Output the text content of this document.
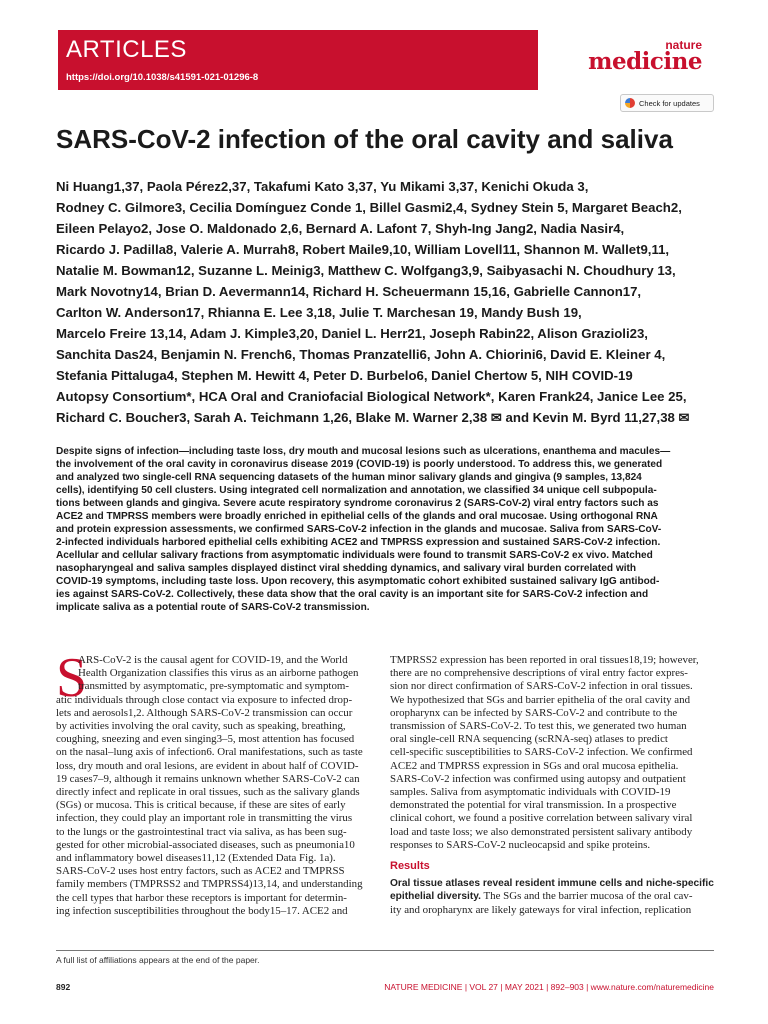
ARTICLES
https://doi.org/10.1038/s41591-021-01296-8
nature
medicine
Check for updates
SARS-CoV-2 infection of the oral cavity and saliva

Ni Huang1,37, Paola Pérez2,37, Takafumi Kato 3,37, Yu Mikami 3,37, Kenichi Okuda 3,

Rodney C. Gilmore3, Cecilia Domínguez Conde 1, Billel Gasmi2,4, Sydney Stein 5, Margaret Beach2,

Eileen Pelayo2, Jose O. Maldonado 2,6, Bernard A. Lafont 7, Shyh-Ing Jang2, Nadia Nasir4,

Ricardo J. Padilla8, Valerie A. Murrah8, Robert Maile9,10, William Lovell11, Shannon M. Wallet9,11,

Natalie M. Bowman12, Suzanne L. Meinig3, Matthew C. Wolfgang3,9, Saibyasachi N. Choudhury 13,

Mark Novotny14, Brian D. Aevermann14, Richard H. Scheuermann 15,16, Gabrielle Cannon17,

Carlton W. Anderson17, Rhianna E. Lee 3,18, Julie T. Marchesan 19, Mandy Bush 19,

Marcelo Freire 13,14, Adam J. Kimple3,20, Daniel L. Herr21, Joseph Rabin22, Alison Grazioli23,

Sanchita Das24, Benjamin N. French6, Thomas Pranzatelli6, John A. Chiorini6, David E. Kleiner 4,

Stefania Pittaluga4, Stephen M. Hewitt 4, Peter D. Burbelo6, Daniel Chertow 5, NIH COVID-19

Autopsy Consortium*, HCA Oral and Craniofacial Biological Network*, Karen Frank24, Janice Lee 25,

Richard C. Boucher3, Sarah A. Teichmann 1,26, Blake M. Warner 2,38 ✉ and Kevin M. Byrd 11,27,38 ✉

Despite signs of infection—including taste loss, dry mouth and mucosal lesions such as ulcerations, enanthema and macules—

the involvement of the oral cavity in coronavirus disease 2019 (COVID-19) is poorly understood. To address this, we generated

and analyzed two single-cell RNA sequencing datasets of the human minor salivary glands and gingiva (9 samples, 13,824

cells), identifying 50 cell clusters. Using integrated cell normalization and annotation, we classified 34 unique cell subpopula-

tions between glands and gingiva. Severe acute respiratory syndrome coronavirus 2 (SARS-CoV-2) viral entry factors such as

ACE2 and TMPRSS members were broadly enriched in epithelial cells of the glands and oral mucosae. Using orthogonal RNA

and protein expression assessments, we confirmed SARS-CoV-2 infection in the glands and mucosae. Saliva from SARS-CoV-

2-infected individuals harbored epithelial cells exhibiting ACE2 and TMPRSS expression and sustained SARS-CoV-2 infection.

Acellular and cellular salivary fractions from asymptomatic individuals were found to transmit SARS-CoV-2 ex vivo. Matched

nasopharyngeal and saliva samples displayed distinct viral shedding dynamics, and salivary viral burden correlated with

COVID-19 symptoms, including taste loss. Upon recovery, this asymptomatic cohort exhibited sustained salivary IgG antibod-

ies against SARS-CoV-2. Collectively, these data show that the oral cavity is an important site for SARS-CoV-2 infection and

implicate saliva as a potential route of SARS-CoV-2 transmission.

S

ARS-CoV-2 is the causal agent for COVID-19, and the World

Health Organization classifies this virus as an airborne pathogen

transmitted by asymptomatic, pre-symptomatic and symptom-

atic individuals through close contact via exposure to infected drop-

lets and aerosols1,2. Although SARS-CoV-2 transmission can occur

by activities involving the oral cavity, such as speaking, breathing,

coughing, sneezing and even singing3–5, most attention has focused

on the nasal–lung axis of infection6. Oral manifestations, such as taste

loss, dry mouth and oral lesions, are evident in about half of COVID-

19 cases7–9, although it remains unknown whether SARS-CoV-2 can

directly infect and replicate in oral tissues, such as the salivary glands

(SGs) or mucosa. This is critical because, if these are sites of early

infection, they could play an important role in transmitting the virus

to the lungs or the gastrointestinal tract via saliva, as has been sug-

gested for other microbial-associated diseases, such as pneumonia10

and inflammatory bowel diseases11,12 (Extended Data Fig. 1a).

SARS-CoV-2 uses host entry factors, such as ACE2 and TMPRSS

family members (TMPRSS2 and TMPRSS4)13,14, and understanding

the cell types that harbor these receptors is important for determin-

ing infection susceptibilities throughout the body15–17. ACE2 and

TMPRSS2 expression has been reported in oral tissues18,19; however,

there are no comprehensive descriptions of viral entry factor expres-

sion nor direct confirmation of SARS-CoV-2 infection in oral tissues.

We hypothesized that SGs and barrier epithelia of the oral cavity and

oropharynx can be infected by SARS-CoV-2 and contribute to the

transmission of SARS-CoV-2. To test this, we generated two human

oral single-cell RNA sequencing (scRNA-seq) atlases to predict

cell-specific susceptibilities to SARS-CoV-2 infection. We confirmed

ACE2 and TMPRSS expression in SGs and oral mucosa epithelia.

SARS-CoV-2 infection was confirmed using autopsy and outpatient

samples. Saliva from asymptomatic individuals with COVID-19

demonstrated the potential for viral transmission. In a prospective

clinical cohort, we found a positive correlation between salivary viral

load and taste loss; we also demonstrated persistent salivary antibody

responses to SARS-CoV-2 nucleocapsid and spike proteins.

Results

Oral tissue atlases reveal resident immune cells and niche-specific

epithelial diversity. The SGs and the barrier mucosa of the oral cav-

ity and oropharynx are likely gateways for viral infection, replication

A full list of affiliations appears at the end of the paper.
892	NATURE MEDICINE | VOL 27 | MAY 2021 | 892–903 | www.nature.com/naturemedicine
